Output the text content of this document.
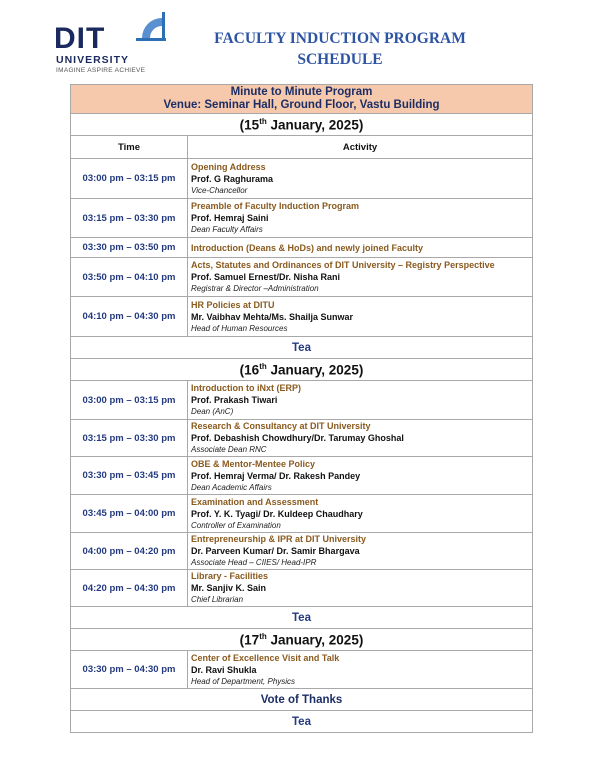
DIT
UNIVERSITY
IMAGINE ASPIRE ACHIEVE
FACULTY INDUCTION PROGRAM
SCHEDULE
Minute to Minute Program
Venue: Seminar Hall, Ground Floor, Vastu Building	

(15th January, 2025)	
Time	Activity
03:00 pm – 03:15 pm	Opening Address
Prof. G Raghurama
Vice-Chancellor

03:15 pm – 03:30 pm	Preamble of Faculty Induction Program
Prof. Hemraj Saini
Dean Faculty Affairs

03:30 pm – 03:50 pm	Introduction (Deans & HoDs) and newly joined Faculty

03:50 pm – 04:10 pm	Acts, Statutes and Ordinances of DIT University – Registry Perspective
Prof. Samuel Ernest/Dr. Nisha Rani
Registrar & Director –Administration

04:10 pm – 04:30 pm	HR Policies at DITU
Mr. Vaibhav Mehta/Ms. Shailja Sunwar
Head of Human Resources

Tea	
(16th January, 2025)	
03:00 pm – 03:15 pm	Introduction to iNxt (ERP)
Prof. Prakash Tiwari
Dean (AnC)

03:15 pm – 03:30 pm	Research & Consultancy at DIT University
Prof. Debashish Chowdhury/Dr. Tarumay Ghoshal
Associate Dean RNC

03:30 pm – 03:45 pm	OBE & Mentor-Mentee Policy
Prof. Hemraj Verma/ Dr. Rakesh Pandey
Dean Academic Affairs

03:45 pm – 04:00 pm	Examination and Assessment
Prof. Y. K. Tyagi/ Dr. Kuldeep Chaudhary
Controller of Examination

04:00 pm – 04:20 pm	Entrepreneurship & IPR at DIT University
Dr. Parveen Kumar/ Dr. Samir Bhargava
Associate Head – CIIES/ Head-IPR

04:20 pm – 04:30 pm	Library - Facilities
Mr. Sanjiv K. Sain
Chief Librarian

Tea	
(17th January, 2025)	
03:30 pm – 04:30 pm	Center of Excellence Visit and Talk
Dr. Ravi Shukla
Head of Department, Physics

Vote of Thanks	
Tea	
